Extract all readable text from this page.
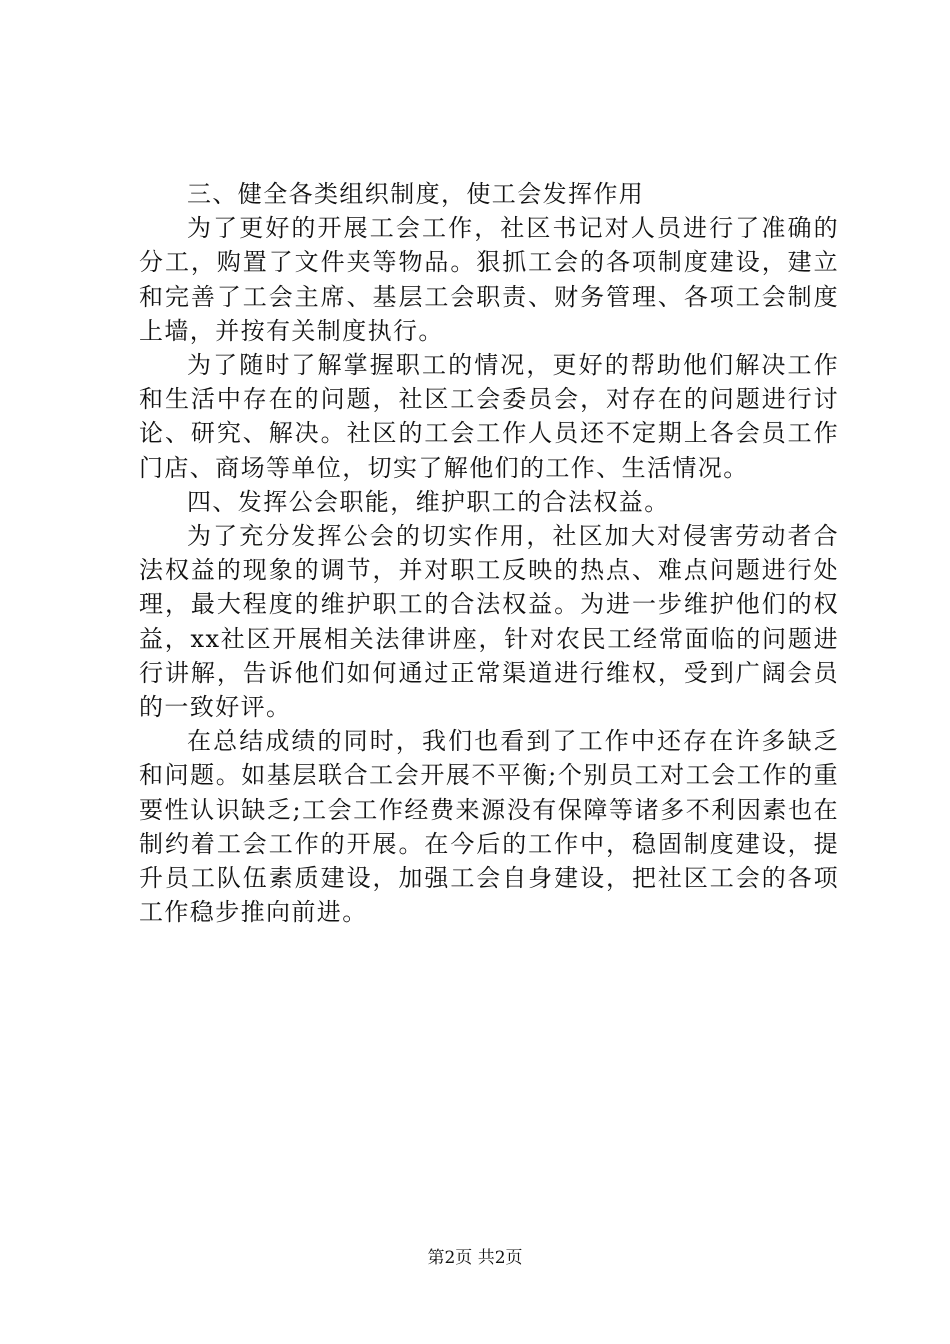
三、健全各类组织制度，使工会发挥作用

为了更好的开展工会工作，社区书记对人员进行了准确的分工，购置了文件夹等物品。狠抓工会的各项制度建设，建立和完善了工会主席、基层工会职责、财务管理、各项工会制度上墙，并按有关制度执行。

为了随时了解掌握职工的情况，更好的帮助他们解决工作和生活中存在的问题，社区工会委员会，对存在的问题进行讨论、研究、解决。社区的工会工作人员还不定期上各会员工作门店、商场等单位，切实了解他们的工作、生活情况。

四、发挥公会职能，维护职工的合法权益。

为了充分发挥公会的切实作用，社区加大对侵害劳动者合法权益的现象的调节，并对职工反映的热点、难点问题进行处理，最大程度的维护职工的合法权益。为进一步维护他们的权益，xx社区开展相关法律讲座，针对农民工经常面临的问题进行讲解，告诉他们如何通过正常渠道进行维权，受到广阔会员的一致好评。

在总结成绩的同时，我们也看到了工作中还存在许多缺乏和问题。如基层联合工会开展不平衡;个别员工对工会工作的重要性认识缺乏;工会工作经费来源没有保障等诸多不利因素也在制约着工会工作的开展。在今后的工作中，稳固制度建设，提升员工队伍素质建设，加强工会自身建设，把社区工会的各项工作稳步推向前进。

第2页 共2页
